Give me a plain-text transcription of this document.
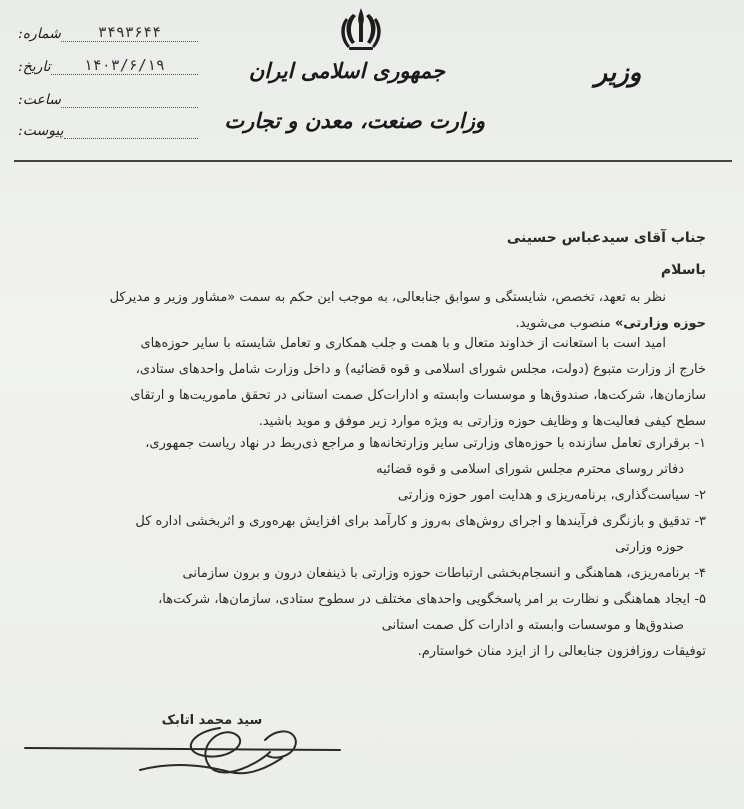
شماره:	۳۴۹۳۶۴۴
تاریخ:	۱۴۰۳/۶/۱۹
ساعت:
پیوست:
جمهوری اسلامی ایران
وزارت صنعت، معدن و تجارت
وزیر
جناب آقای سیدعباس حسینی
باسلام

نظر به تعهد، تخصص، شایستگی و سوابق جنابعالی، به موجب این حکم به سمت «مشاور وزیر و مدیرکل

حوزه وزارتی» منصوب می‌شوید.

امید است با استعانت از خداوند متعال و با همت و جلب همکاری و تعامل شایسته با سایر حوزه‌های

خارج از وزارت متبوع (دولت، مجلس شورای اسلامی و قوه قضائیه) و داخل وزارت شامل واحدهای ستادی،

سازمان‌ها، شرکت‌ها، صندوق‌ها و موسسات وابسته و ادارات‌کل صمت استانی در تحقق ماموریت‌ها و ارتقای

سطح کیفی فعالیت‌ها و وظایف حوزه وزارتی به ویژه موارد زیر موفق و موید باشید.

۱- برقراری تعامل سازنده با حوزه‌های وزارتی سایر وزارتخانه‌ها و مراجع ذی‌ربط در نهاد ریاست جمهوری،

دفاتر روسای محترم مجلس شورای اسلامی و قوه قضائیه

۲- سیاست‌گذاری، برنامه‌ریزی و هدایت امور حوزه وزارتی

۳- تدقیق و بازنگری فرآیندها و اجرای روش‌های به‌روز و کارآمد برای افزایش بهره‌وری و اثربخشی اداره کل

حوزه وزارتی

۴- برنامه‌ریزی، هماهنگی و انسجام‌بخشی ارتباطات حوزه وزارتی با ذینفعان درون و برون سازمانی

۵- ایجاد هماهنگی و نظارت بر امر پاسخگویی واحدهای مختلف در سطوح ستادی، سازمان‌ها، شرکت‌ها،

صندوق‌ها و موسسات وابسته و ادارات کل صمت استانی

توفیقات روزافزون جنابعالی را از ایزد منان خواستارم.

سید محمد اتابک
